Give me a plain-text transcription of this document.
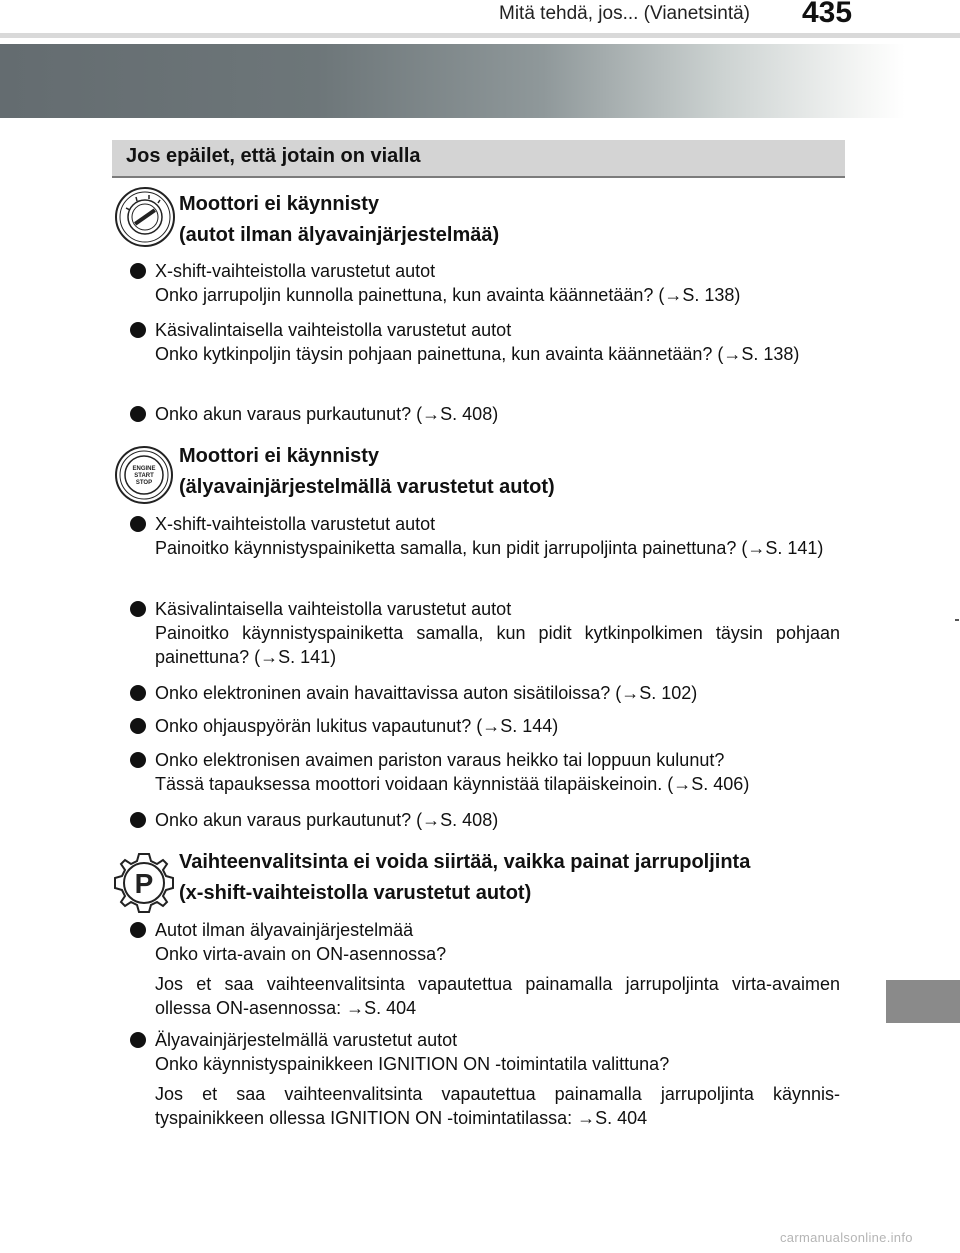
Mitä tehdä, jos... (Vianetsintä) 435
Jos epäilet, että jotain on vialla
Moottori ei käynnisty
(autot ilman älyavainjärjestelmää)
X-shift-vaihteistolla varustetut autot
Onko jarrupoljin kunnolla painettuna, kun avainta käännetään? (→S. 138)
Käsivalintaisella vaihteistolla varustetut autot
Onko kytkinpoljin täysin pohjaan painettuna, kun avainta käännetään? (→S. 138)
Onko akun varaus purkautunut? (→S. 408)
ENGINE
START
STOP
Moottori ei käynnisty
(älyavainjärjestelmällä varustetut autot)
X-shift-vaihteistolla varustetut autot
Painoitko käynnistyspainiketta samalla, kun pidit jarrupoljinta painettuna? (→S. 141)
Käsivalintaisella vaihteistolla varustetut autot
Painoitko käynnistyspainiketta samalla, kun pidit kytkinpolkimen täysin pohjaan painettuna? (→S. 141)
Onko elektroninen avain havaittavissa auton sisätiloissa? (→S. 102)
Onko ohjauspyörän lukitus vapautunut? (→S. 144)
Onko elektronisen avaimen pariston varaus heikko tai loppuun kulunut?
Tässä tapauksessa moottori voidaan käynnistää tilapäiskeinoin. (→S. 406)
Onko akun varaus purkautunut? (→S. 408)
P
Vaihteenvalitsinta ei voida siirtää, vaikka painat jarrupoljinta
(x-shift-vaihteistolla varustetut autot)
Autot ilman älyavainjärjestelmää
Onko virta-avain on ON-asennossa?
Jos et saa vaihteenvalitsinta vapautettua painamalla jarrupoljinta virta-avaimen ollessa ON-asennossa: →S. 404
Älyavainjärjestelmällä varustetut autot
Onko käynnistyspainikkeen IGNITION ON -toimintatila valittuna?
Jos et saa vaihteenvalitsinta vapautettua painamalla jarrupoljinta käynnis-tyspainikkeen ollessa IGNITION ON -toimintatilassa: →S. 404
carmanualsonline.info
